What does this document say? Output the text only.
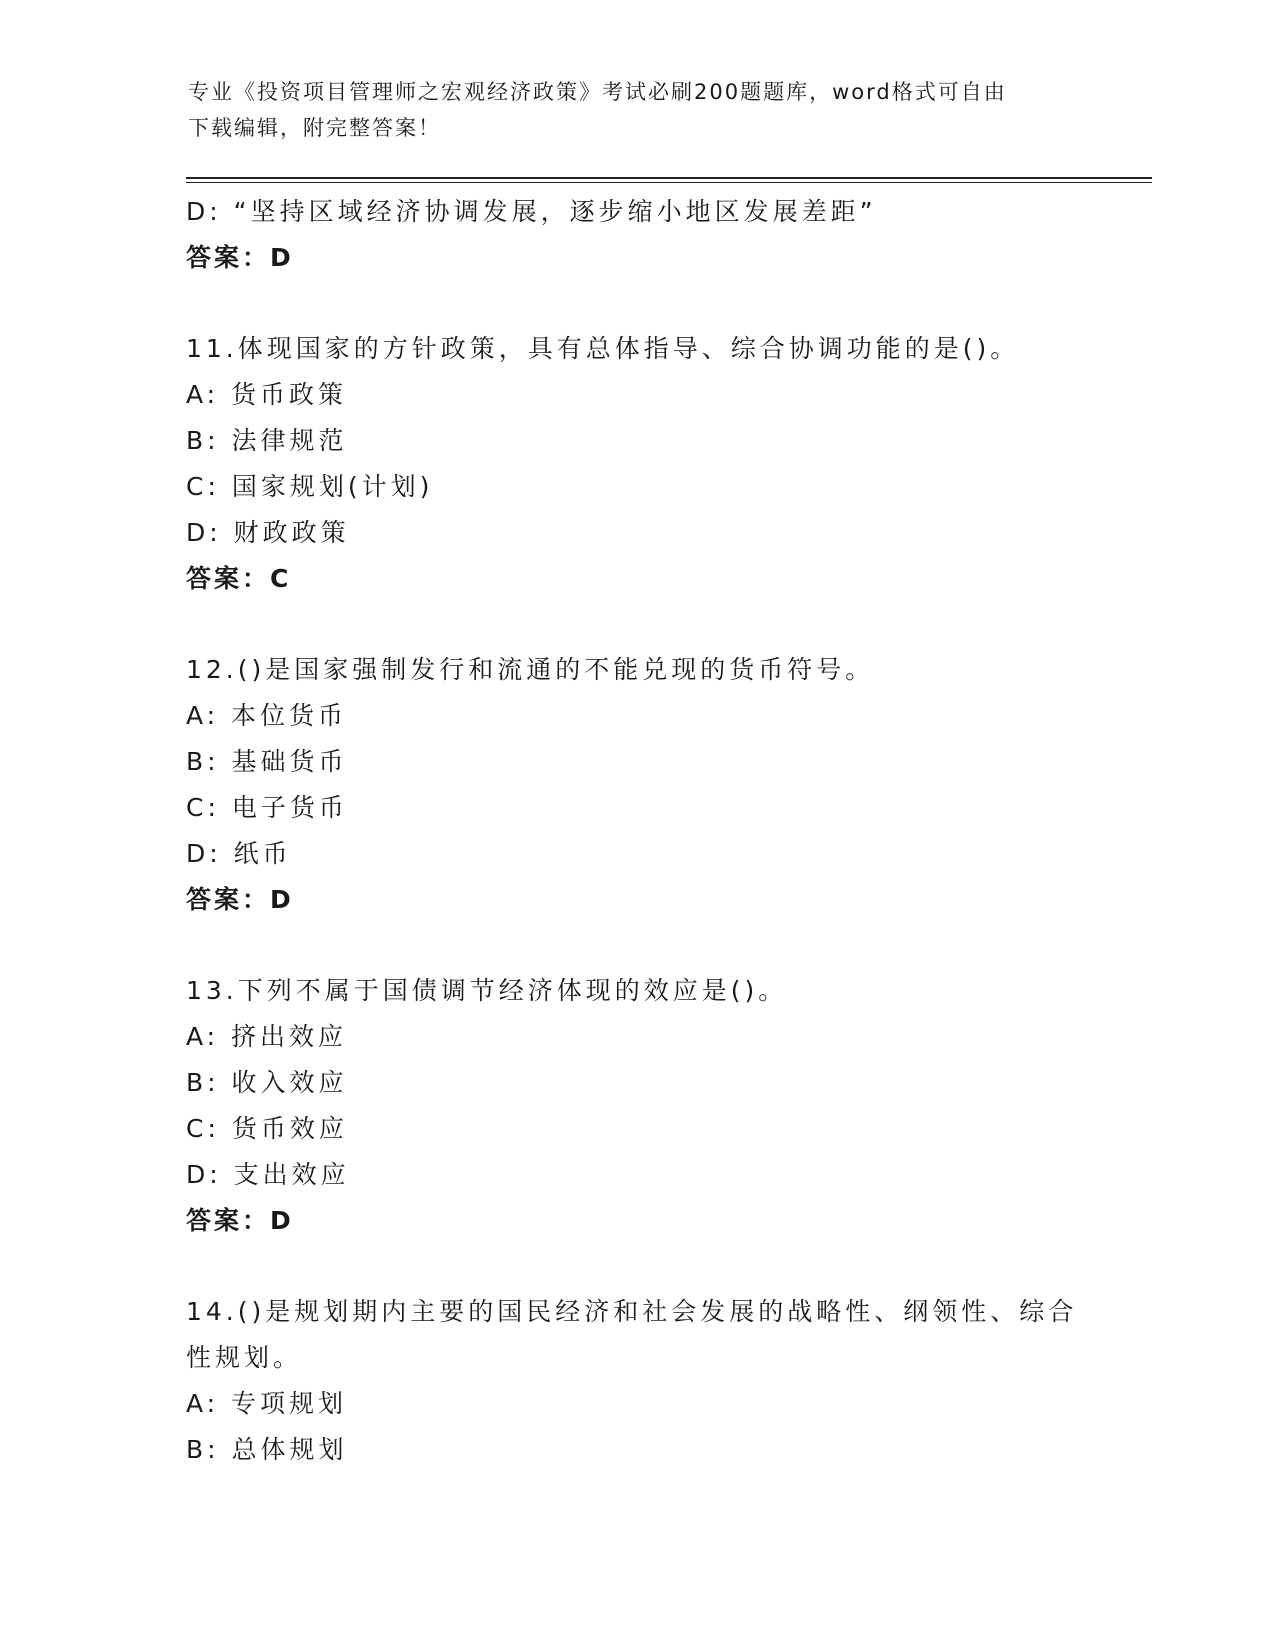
专业《投资项目管理师之宏观经济政策》考试必刷200题题库，word格式可自由
下载编辑，附完整答案！
D: “坚持区域经济协调发展，逐步缩小地区发展差距”
答案：D
11.体现国家的方针政策，具有总体指导、综合协调功能的是()。
A: 货币政策
B: 法律规范
C: 国家规划(计划)
D: 财政政策
答案：C
12.()是国家强制发行和流通的不能兑现的货币符号。
A: 本位货币
B: 基础货币
C: 电子货币
D: 纸币
答案：D
13.下列不属于国债调节经济体现的效应是()。
A: 挤出效应
B: 收入效应
C: 货币效应
D: 支出效应
答案：D
14.()是规划期内主要的国民经济和社会发展的战略性、纲领性、综合
性规划。
A: 专项规划
B: 总体规划
